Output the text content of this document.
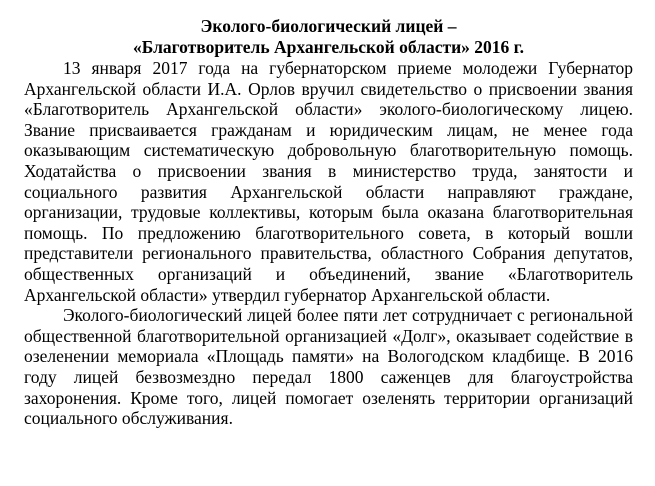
Эколого-биологический лицей –
«Благотворитель Архангельской области» 2016 г.

13 января 2017 года на губернаторском приеме молодежи Губернатор Архангельской области И.А. Орлов вручил свидетельство о присвоении звания «Благотворитель Архангельской области» эколого-биологическому лицею. Звание присваивается гражданам и юридическим лицам, не менее года оказывающим систематическую добровольную благотворительную помощь. Ходатайства о присвоении звания в министерство труда, занятости и социального развития Архангельской области направляют граждане, организации, трудовые коллективы, которым была оказана благотворительная помощь. По предложению благотворительного совета, в который вошли представители регионального правительства, областного Собрания депутатов, общественных организаций и объединений, звание «Благотворитель Архангельской области» утвердил губернатор Архангельской области.

Эколого-биологический лицей более пяти лет сотрудничает с региональной общественной благотворительной организацией «Долг», оказывает содействие в озеленении мемориала «Площадь памяти» на Вологодском кладбище. В 2016 году лицей безвозмездно передал 1800 саженцев для благоустройства захоронения. Кроме того, лицей помогает озеленять территории организаций социального обслуживания.
